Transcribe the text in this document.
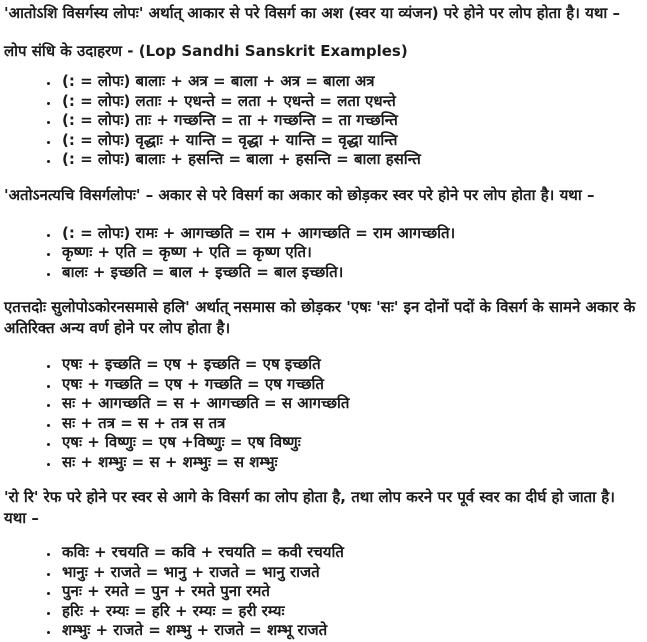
'आतोऽशि विसर्गस्य लोपः' अर्थात् आकार से परे विसर्ग का अश (स्वर या व्यंजन) परे होने पर लोप होता है। यथा –

लोप संधि के उदाहरण - (Lop Sandhi Sanskrit Examples)
• (: = लोपः) बालाः + अत्र = बाला + अत्र = बाला अत्र
• (: = लोपः) लताः + एधन्ते = लता + एधन्ते = लता एधन्ते
• (: = लोपः) ताः + गच्छन्ति = ता + गच्छन्ति = ता गच्छन्ति
• (: = लोपः) वृद्धाः + यान्ति = वृद्धा + यान्ति = वृद्धा यान्ति
• (: = लोपः) बालाः + हसन्ति = बाला + हसन्ति = बाला हसन्ति

'अतोऽनत्यचि विसर्गलोपः' – अकार से परे विसर्ग का अकार को छोड़कर स्वर परे होने पर लोप होता है। यथा –

• (: = लोपः) रामः + आगच्छति = राम + आगच्छति = राम आगच्छति।
• कृष्णः + एति = कृष्ण + एति = कृष्ण एति।
• बालः + इच्छति = बाल + इच्छति = बाल इच्छति।

एतत्तदोः सुलोपोऽकोरनसमासे हलि' अर्थात् नसमास को छोड़कर 'एषः 'सः' इन दोनों पदों के विसर्ग के सामने अकार के अतिरिक्त अन्य वर्ण होने पर लोप होता है।

• एषः + इच्छति = एष + इच्छति = एष इच्छति
• एषः + गच्छति = एष + गच्छति = एष गच्छति
• सः + आगच्छति = स + आगच्छति = स आगच्छति
• सः + तत्र = स + तत्र स तत्र
• एषः + विष्णुः = एष +विष्णुः = एष विष्णुः
• सः + शम्भुः = स + शम्भुः = स शम्भुः

'रो रि' रेफ परे होने पर स्वर से आगे के विसर्ग का लोप होता है, तथा लोप करने पर पूर्व स्वर का दीर्घ हो जाता है। यथा –

• कविः + रचयति = कवि + रचयति = कवी रचयति
• भानुः + राजते = भानु + राजते = भानु राजते
• पुनः + रमते = पुन + रमते पुना रमते
• हरिः + रम्यः = हरि + रम्यः = हरी रम्यः
• शम्भुः + राजते = शम्भु + राजते = शम्भू राजते
